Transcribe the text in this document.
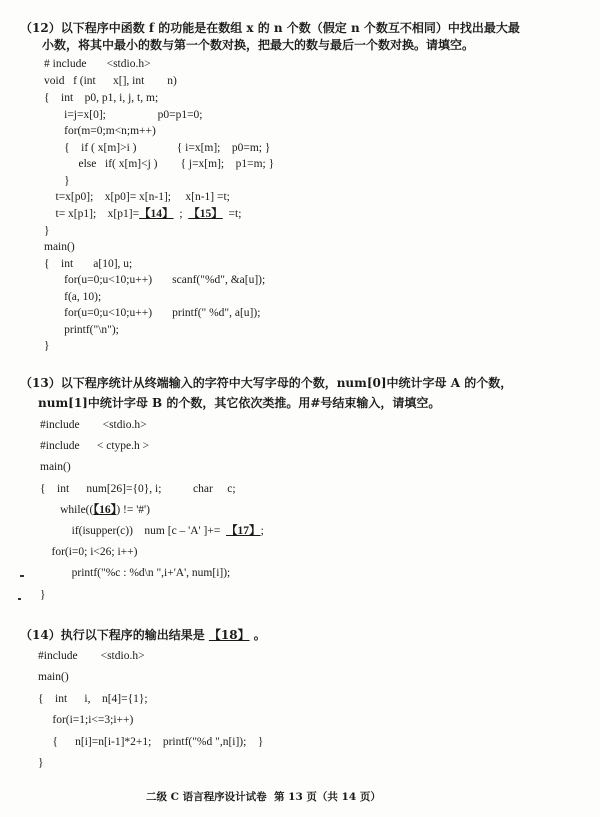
（12）以下程序中函数 f 的功能是在数组 x 的 n 个数（假定 n 个数互不相同）中找出最大最
小数，将其中最小的数与第一个数对换，把最大的数与最后一个数对换。请填空。
# include       <stdio.h>
void   f (int      x[], int        n)
{    int    p0, p1, i, j, t, m;
i=j=x[0];                  p0=p1=0;
for(m=0;m<n;m++)
{    if ( x[m]>i )              { i=x[m];    p0=m; }
else   if( x[m]<j )        { j=x[m];    p1=m; }
}
t=x[p0];    x[p0]= x[n-1];     x[n-1] =t;
t= x[p1];    x[p1]=【14】  ;  【15】  =t;
}
main()
{    int       a[10], u;
for(u=0;u<10;u++)       scanf("%d", &a[u]);
f(a, 10);
for(u=0;u<10;u++)       printf(" %d", a[u]);
printf("\n");
}
（13）以下程序统计从终端输入的字符中大写字母的个数，num[0]中统计字母 A 的个数，
num[1]中统计字母 B 的个数，其它依次类推。用#号结束输入，请填空。
#include        <stdio.h>
#include      < ctype.h >
main()
{    int      num[26]={0}, i;           char     c;
while((【16】) != '#')
if(isupper(c))    num [c – 'A' ]+=  【17】;
for(i=0; i<26; i++)
printf("%c : %d\n ",i+'A', num[i]);
}
（14）执行以下程序的输出结果是 【18】 。
#include        <stdio.h>
main()
{    int      i,    n[4]={1};
for(i=1;i<=3;i++)
{      n[i]=n[i-1]*2+1;    printf("%d ",n[i]);    }
}
二级 C 语言程序设计试卷  第 13 页（共 14 页）
